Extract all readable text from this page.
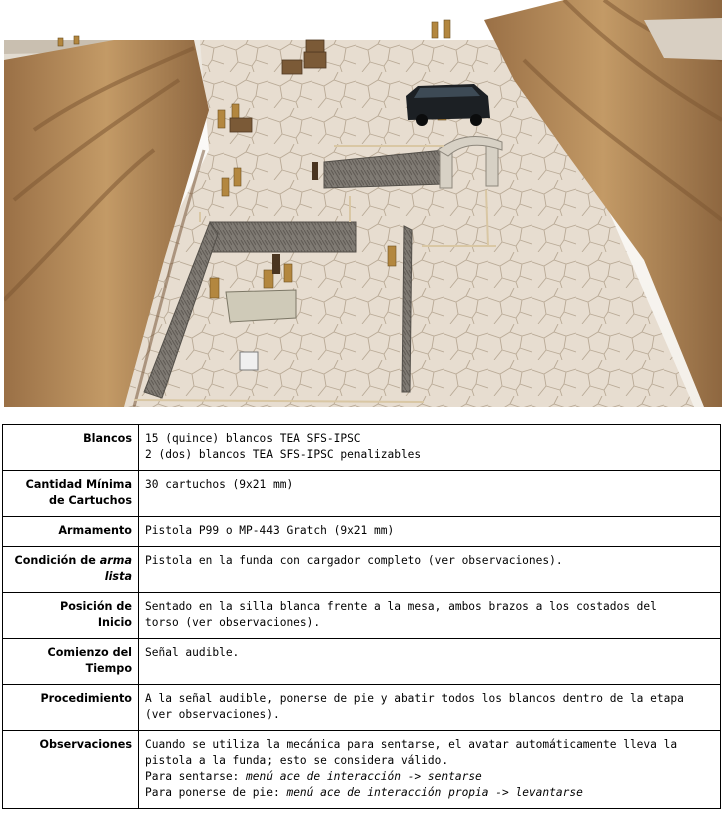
Blancos	15 (quince) blancos TEA SFS-IPSC
2 (dos) blancos TEA SFS-IPSC penalizables

Cantidad Mínima
de Cartuchos	30 cartuchos (9x21 mm)

Armamento	Pistola P99 o MP-443 Gratch (9x21 mm)

Condición de arma
lista	Pistola en la funda con cargador completo (ver observaciones).

Posición de
Inicio	Sentado en la silla blanca frente a la mesa, ambos brazos a los costados del
torso (ver observaciones).

Comienzo del
Tiempo	Señal audible.

Procedimiento	A la señal audible, ponerse de pie y abatir todos los blancos dentro de la etapa
(ver observaciones).

Observaciones	Cuando se utiliza la mecánica para sentarse, el avatar automáticamente lleva la
pistola a la funda; esto se considera válido.
Para sentarse: menú ace de interacción -> sentarse
Para ponerse de pie: menú ace de interacción propia -> levantarse
